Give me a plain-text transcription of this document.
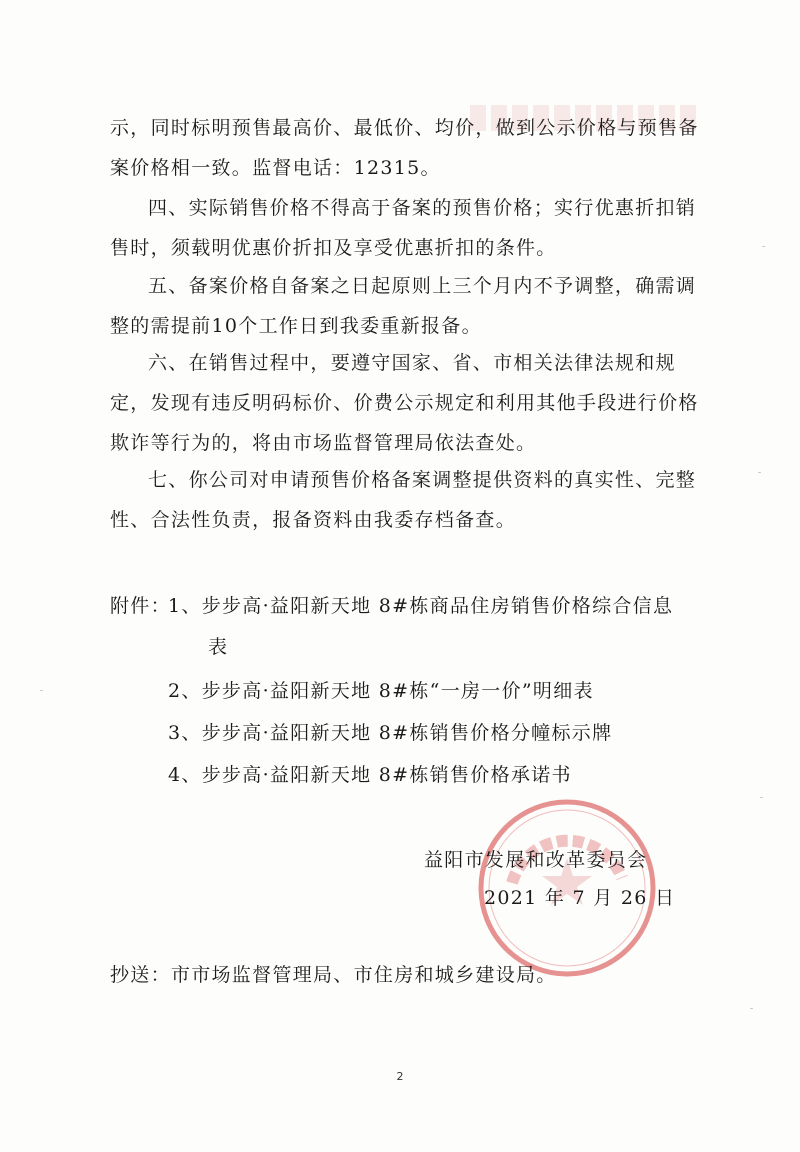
示，同时标明预售最高价、最低价、均价，做到公示价格与预售备案价格相一致。监督电话：12315。
四、实际销售价格不得高于备案的预售价格；实行优惠折扣销售时，须载明优惠价折扣及享受优惠折扣的条件。
五、备案价格自备案之日起原则上三个月内不予调整，确需调整的需提前10个工作日到我委重新报备。
六、在销售过程中，要遵守国家、省、市相关法律法规和规定，发现有违反明码标价、价费公示规定和利用其他手段进行价格欺诈等行为的，将由市场监督管理局依法查处。
七、你公司对申请预售价格备案调整提供资料的真实性、完整性、合法性负责，报备资料由我委存档备查。
附件：
1、步步高·益阳新天地 8#栋商品住房销售价格综合信息
表
2、步步高·益阳新天地 8#栋“一房一价”明细表
3、步步高·益阳新天地 8#栋销售价格分幢标示牌
4、步步高·益阳新天地 8#栋销售价格承诺书
益阳市发展和改革委员会
2021 年 7 月 26 日
抄送：市市场监督管理局、市住房和城乡建设局。
2
